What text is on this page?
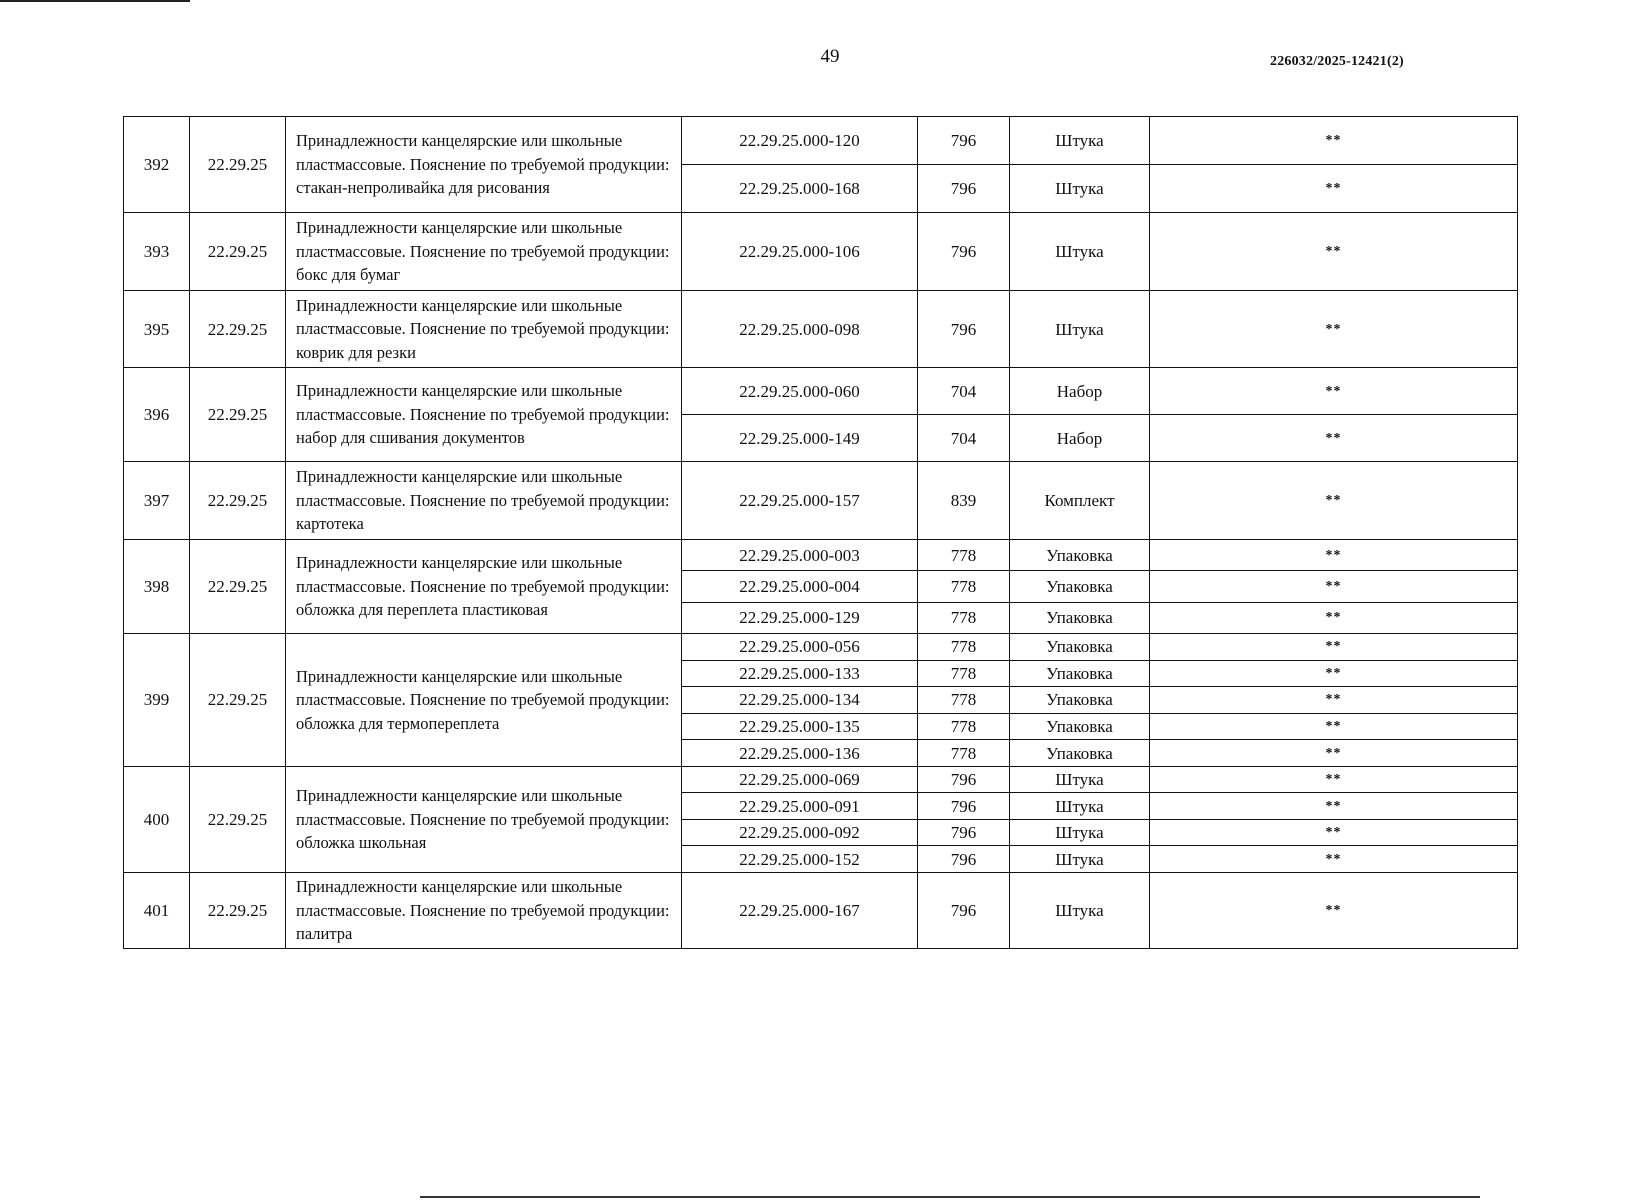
49	226032/2025-12421(2)
392	22.29.25	Принадлежности канцелярские или школьные пластмассовые. Пояснение по требуемой продукции: стакан-непроливайка для рисования	22.29.25.000-120	796	Штука	**
			22.29.25.000-168	796	Штука	**
393	22.29.25	Принадлежности канцелярские или школьные пластмассовые. Пояснение по требуемой продукции: бокс для бумаг	22.29.25.000-106	796	Штука	**
395	22.29.25	Принадлежности канцелярские или школьные пластмассовые. Пояснение по требуемой продукции: коврик для резки	22.29.25.000-098	796	Штука	**
396	22.29.25	Принадлежности канцелярские или школьные пластмассовые. Пояснение по требуемой продукции: набор для сшивания документов	22.29.25.000-060	704	Набор	**
			22.29.25.000-149	704	Набор	**
397	22.29.25	Принадлежности канцелярские или школьные пластмассовые. Пояснение по требуемой продукции: картотека	22.29.25.000-157	839	Комплект	**
398	22.29.25	Принадлежности канцелярские или школьные пластмассовые. Пояснение по требуемой продукции: обложка для переплета пластиковая	22.29.25.000-003	778	Упаковка	**
			22.29.25.000-004	778	Упаковка	**
			22.29.25.000-129	778	Упаковка	**
399	22.29.25	Принадлежности канцелярские или школьные пластмассовые. Пояснение по требуемой продукции: обложка для термопереплета	22.29.25.000-056	778	Упаковка	**
			22.29.25.000-133	778	Упаковка	**
			22.29.25.000-134	778	Упаковка	**
			22.29.25.000-135	778	Упаковка	**
			22.29.25.000-136	778	Упаковка	**
400	22.29.25	Принадлежности канцелярские или школьные пластмассовые. Пояснение по требуемой продукции: обложка школьная	22.29.25.000-069	796	Штука	**
			22.29.25.000-091	796	Штука	**
			22.29.25.000-092	796	Штука	**
			22.29.25.000-152	796	Штука	**
401	22.29.25	Принадлежности канцелярские или школьные пластмассовые. Пояснение по требуемой продукции: палитра	22.29.25.000-167	796	Штука	**
